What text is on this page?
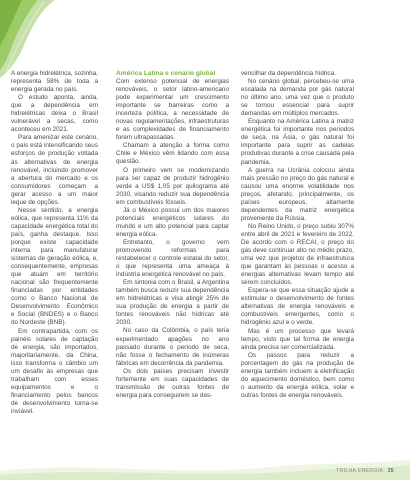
A energia hidrelétrica, sozinha, representa 58% de toda a energia gerada no país.

O estudo aponta, ainda, que a dependência em hidrelétricas deixa o Brasil vulnerável a secas, como aconteceu em 2021.

Para amenizar este cenário, o país está intensificando seus esforços de produção voltada às alternativas de energia renovável, incluindo promover a abertura do mercado e os consumidores começam a gerar acesso a um maior leque de opções.

Nesse sentido, a energia eólica, que representa 11% da capacidade energética total do país, ganha destaque. Isso porque existe capacidade interna para manufaturar sistemas de geração eólica, e, consequentemente, empresas que atuam em território nacional são frequentemente financiadas por entidades como o Banco Nacional de Desenvolvimento Econômico e Social (BNDES) e o Banco do Nordeste (BNB).

Em contrapartida, com os painéis solares de captação de energia, são importados, majoritariamente, da China, isso transforma o câmbio um um desafio às empresas que trabalham com esses equipamentos e o financiamento pelos bancos de desenvolvimento torna-se inviável.

América Latina e cenário global

Com extenso potencial de energias renováveis, o setor latino-americano pode experimentar um crescimento importante se barreiras como a incerteza política, a necessidade de novas regulamentações, infraestruturas e as complexidades de financiamento forem ultrapassadas.

Chamam a atenção a forma como Chile e México vêm lidando com essa questão.

O primeiro vem se modernizando para ser capaz de produzir hidrogênio verde a US$ 1,05 por quilograma até 2030, visando reduzir sua dependência em combustíveis fósseis.

Já o México possui um dos maiores potenciais energéticos solares do mundo e um alto potencial para captar energia eólica.

Entretanto, o governo vem promovendo reformas para restabelecer o controle estatal do setor, o que representa uma ameaça à indústria energética renovável no país.

Em sintonia com o Brasil, a Argentina também busca reduzir sua dependência em hidrelétricas e visa atingir 25% de sua produção de energia a partir de fontes renováveis não hídricas até 2030.

No caso da Colômbia, o país teria experimentado apagões no ano passado durante o período de seca, não fosse o fechamento de inúmeras fábricas em decorrência da pandemia.

Os dois países precisam investir fortemente em suas capacidades de transmissão de outras fontes de energia para conseguirem se des-

vencilhar da dependência hídrica.

No cenário global, percebeu-se uma escalada na demanda por gás natural no último ano, uma vez que o produto se tornou essencial para suprir demandas em múltiplos mercados.

Enquanto na América Latina a matriz energética foi importante nos períodos de seca, na Ásia, o gás natural foi importante para suprir as cadeias produtivas durante a crise causada pela pandemia.

A guerra na Ucrânia colocou ainda mais pressão no preço do gás natural e causou uma enorme volatilidade nos preços, afetando, principalmente, os países europeus, altamente dependentes da matriz energética proveniente da Rússia.

No Reino Unido, o preço subiu 307% entre abril de 2021 e fevereiro de 2022. De acordo com o RECAI, o preço do gás deve continuar alto no médio prazo, uma vez que projetos de infraestrutura que garantam às pessoas o acesso a energias alternativas levam tempo até serem concluídos.

Espera-se que essa situação ajude a estimular o desenvolvimento de fontes alternativas de energia renováveis e combustíveis emergentes, como o hidrogênio azul e o verde.

Mas é um processo que levará tempo, visto que tal forma de energia ainda precisa ser comercializada.

Os passos para reduzir a porcentagem do gás na produção de energia também incluem a eletrificação do aquecimento doméstico, bem como o aumento da energia eólica, solar e outras fontes de energia renováveis.

TRILHA ENERGIA 35
